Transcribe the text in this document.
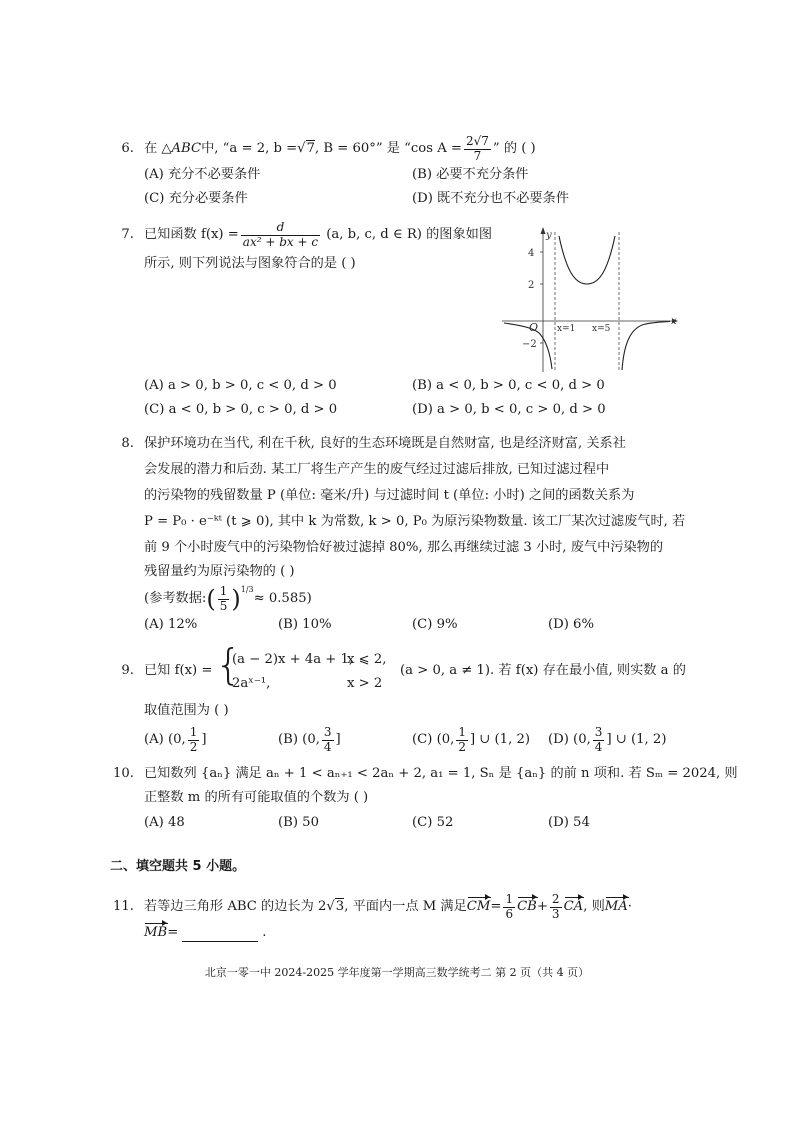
6. 在
△ABC 中, “a = 2, b = √ 7 , B = 60°” 是 “cos $A = \frac{2√7}{7}$ ” 的 ( )
(A) 充分不必要条件	(B) 必要不充分条件
(C) 充分必要条件	(D) 既不充分也不必要条件
7. 已知函数 $f(x) = \frac{d}{\text{ax² + bx + c}}$
(a, b, c, d ∈ R) 的图象如图
所示, 则下列说法与图象符合的是 ( )
x
y
O
4
2
−2
x=1 x=5
(A) a > 0, b > 0, c < 0, d > 0	(B) a < 0, b > 0, c < 0, d > 0
(C) a < 0, b > 0, c > 0, d > 0	(D) a > 0, b < 0, c > 0, d > 0
8. 保护环境功在当代, 利在千秋, 良好的生态环境既是自然财富, 也是经济财富, 关系社
会发展的潜力和后劲. 某工厂将生产产生的废气经过过滤后排放, 已知过滤过程中
的污染物的残留数量 P (单位: 毫米/升) 与过滤时间 t (单位: 小时) 之间的函数关系为
P = P₀ · e⁻ᵏᵗ (t ⩾ 0), 其中 k 为常数, k > 0, P₀ 为原污染物数量. 该工厂某次过滤废气时, 若
前 9 个小时废气中的污染物恰好被过滤掉 80%, 那么再继续过滤 3 小时, 废气中污染物的
残留量约为原污染物的 ( )
(参考数据: ( $\frac{1}{5} )^{1/3}$
≈ 0.585)
(A) 12%	(B) 10%	(C) 9%	(D) 6%
9. 已知 f(x) = {
(a − 2)x + 4a + 1,
x ⩽ 2,
2aˣ⁻¹,	x > 2
(a > 0, a ≠ 1). 若 f(x) 存在最小值, 则实数 a 的
取值范围为 ( )
(A) (0, $\frac{1}{2}$ ]	(B) (0, $\frac{3}{4}$ ]	(C) (0, $\frac{1}{2}$ ] ∪ (1, 2) (D) (0, $\frac{3}{4}$ ] ∪ (1, 2)
10. 已知数列 {aₙ} 满足 aₙ + 1 < aₙ₊₁ < 2aₙ + 2, a₁ = 1, Sₙ 是 {aₙ} 的前 n 项和. 若 Sₘ = 2024, 则
正整数 m 的所有可能取值的个数为 ( )
(A) 48	(B) 50	(C) 52	(D) 54
二、填空题共 5 小题。
11. 若等边三角形 ABC 的边长为 2 √ 3 , 平面内一点 M 满足 CM = $\frac{1}{6}$ CB + $\frac{2}{3}$ CA , 则 MA ·
MB =	.
北京一零一中 2024-2025 学年度第一学期高三数学统考二 第 2 页（共 4 页）
